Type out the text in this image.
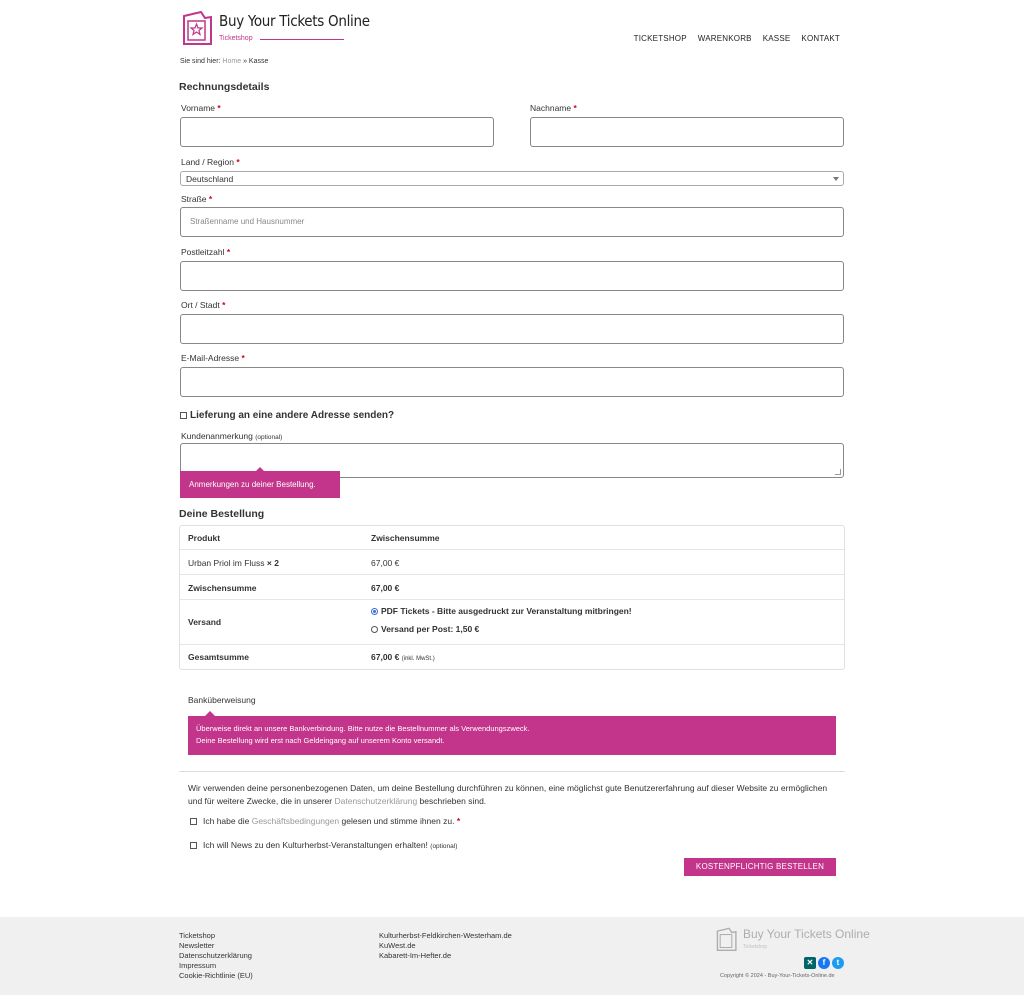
Buy Your Tickets Online
Ticketshop	TICKETSHOP WARENKORB KASSE KONTAKT
Sie sind hier: Home » Kasse
Rechnungsdetails
Vorname *	Nachname *
Land / Region *
Deutschland
Straße *
Straßenname und Hausnummer
Postleitzahl *
Ort / Stadt *
E-Mail-Adresse *
Lieferung an eine andere Adresse senden?
Kundenanmerkung (optional)
Anmerkungen zu deiner Bestellung.
Deine Bestellung
Produkt	Zwischensumme
Urban Priol im Fluss × 2	67,00 €
Zwischensumme	67,00 €
Versand
PDF Tickets - Bitte ausgedruckt zur Veranstaltung mitbringen!
Versand per Post: 1,50 €
Gesamtsumme	67,00 € (inkl. MwSt.)
Banküberweisung
Überweise direkt an unsere Bankverbindung. Bitte nutze die Bestellnummer als Verwendungszweck.
Deine Bestellung wird erst nach Geldeingang auf unserem Konto versandt.
Wir verwenden deine personenbezogenen Daten, um deine Bestellung durchführen zu können, eine möglichst gute Benutzererfahrung auf dieser Website zu ermöglichen und für weitere Zwecke, die in unserer Datenschutzerklärung beschrieben sind.
Ich habe die Geschäftsbedingungen gelesen und stimme ihnen zu. *
Ich will News zu den Kulturherbst-Veranstaltungen erhalten! (optional)
KOSTENPFLICHTIG BESTELLEN
Ticketshop
Newsletter
Datenschutzerklärung
Impressum
Cookie-Richtlinie (EU)
Kulturherbst-Feldkirchen-Westerham.de
KuWest.de
Kabarett-Im-Hefter.de
Buy Your Tickets Online
Ticketshop
✕	f	t
Copyright © 2024 - Buy-Your-Tickets-Online.de
